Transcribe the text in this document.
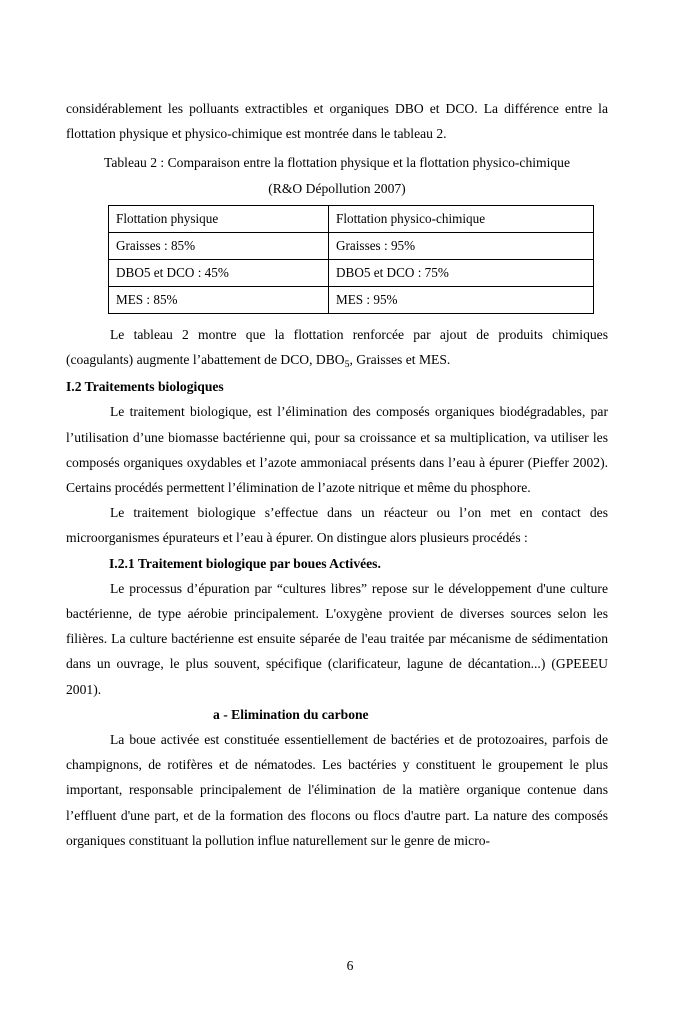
considérablement les polluants extractibles et organiques DBO et DCO. La différence entre la flottation physique et physico-chimique est montrée dans le tableau 2.

Tableau 2 : Comparaison entre la flottation physique et la flottation physico-chimique

(R&O Dépollution 2007)

Flottation physique	Flottation physico-chimique
Graisses : 85%	Graisses : 95%
DBO5 et DCO : 45%	DBO5 et DCO : 75%
MES : 85%	MES : 95%

Le tableau 2 montre que la flottation renforcée par ajout de produits chimiques (coagulants) augmente l’abattement de DCO, $DBO_5$, Graisses et MES.

I.2 Traitements biologiques

Le traitement biologique, est l’élimination des composés organiques biodégradables, par l’utilisation d’une biomasse bactérienne qui, pour sa croissance et sa multiplication, va utiliser les composés organiques oxydables et l’azote ammoniacal présents dans l’eau à épurer (Pieffer 2002). Certains procédés permettent l’élimination de l’azote nitrique et même du phosphore.

Le traitement biologique s’effectue dans un réacteur ou l’on met en contact des microorganismes épurateurs et l’eau à épurer. On distingue alors plusieurs procédés :

I.2.1 Traitement biologique par boues Activées.

Le processus d’épuration par “cultures libres” repose sur le développement d'une culture bactérienne, de type aérobie principalement. L'oxygène provient de diverses sources selon les filières. La culture bactérienne est ensuite séparée de l'eau traitée par mécanisme de sédimentation dans un ouvrage, le plus souvent, spécifique (clarificateur, lagune de décantation...) (GPEEEU 2001).

a - Elimination du carbone

La boue activée est constituée essentiellement de bactéries et de protozoaires, parfois de champignons, de rotifères et de nématodes. Les bactéries y constituent le groupement le plus important, responsable principalement de l'élimination de la matière organique contenue dans l’effluent d'une part, et de la formation des flocons ou flocs d'autre part. La nature des composés organiques constituant la pollution influe naturellement sur le genre de micro-

6
